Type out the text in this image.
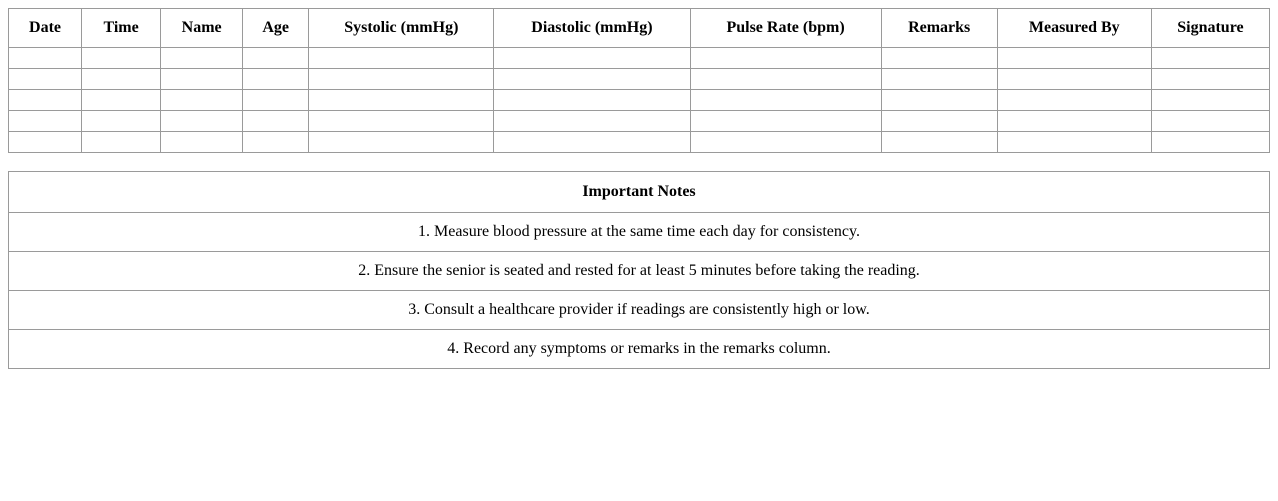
Date	Time	Name	Age	Systolic (mmHg)	Diastolic (mmHg)	Pulse Rate (bpm)	Remarks	Measured By	Signature

Important Notes
1. Measure blood pressure at the same time each day for consistency.
2. Ensure the senior is seated and rested for at least 5 minutes before taking the reading.
3. Consult a healthcare provider if readings are consistently high or low.
4. Record any symptoms or remarks in the remarks column.
